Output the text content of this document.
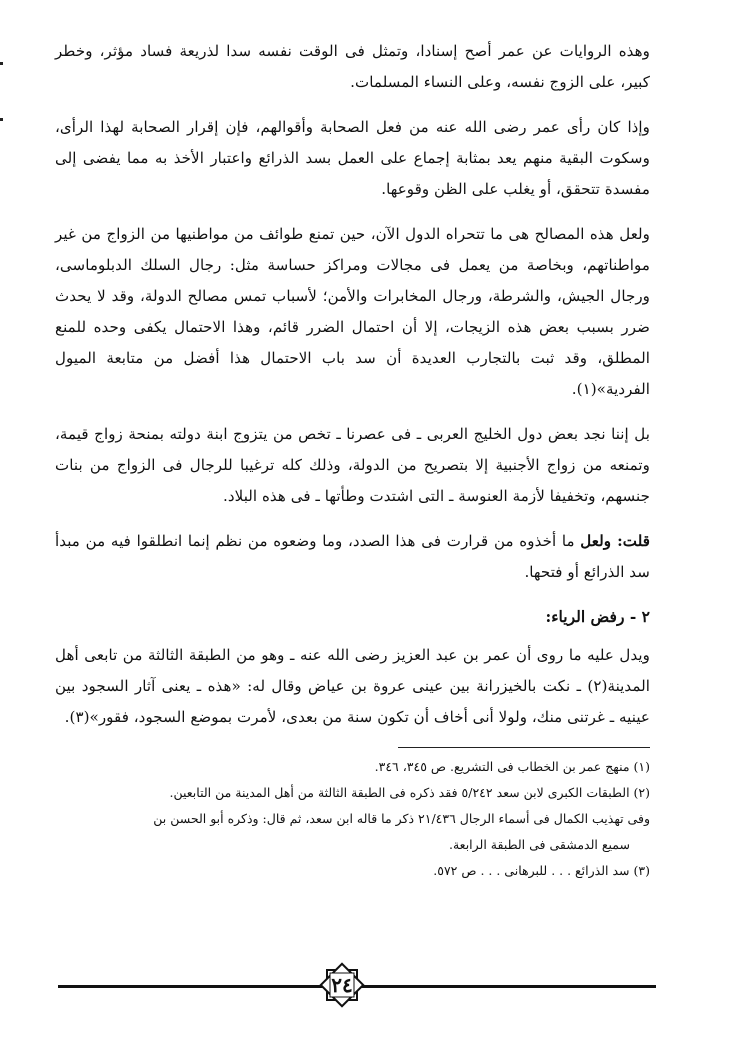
وهذه الروايات عن عمر أصح إسنادا، وتمثل فى الوقت نفسه سدا لذريعة فساد مؤثر، وخطر كبير، على الزوج نفسه، وعلى النساء المسلمات.

وإذا كان رأى عمر رضى الله عنه من فعل الصحابة وأقوالهم، فإن إقرار الصحابة لهذا الرأى، وسكوت البقية منهم يعد بمثابة إجماع على العمل بسد الذرائع واعتبار الأخذ به مما يفضى إلى مفسدة تتحقق، أو يغلب على الظن وقوعها.

ولعل هذه المصالح هى ما تتحراه الدول الآن، حين تمنع طوائف من مواطنيها من الزواج من غير مواطناتهم، وبخاصة من يعمل فى مجالات ومراكز حساسة مثل: رجال السلك الدبلوماسى، ورجال الجيش، والشرطة، ورجال المخابرات والأمن؛ لأسباب تمس مصالح الدولة، وقد لا يحدث ضرر بسبب بعض هذه الزيجات، إلا أن احتمال الضرر قائم، وهذا الاحتمال يكفى وحده للمنع المطلق، وقد ثبت بالتجارب العديدة أن سد باب الاحتمال هذا أفضل من متابعة الميول الفردية»(١).

بل إننا نجد بعض دول الخليج العربى ـ فى عصرنا ـ تخص من يتزوج ابنة دولته بمنحة زواج قيمة، وتمنعه من زواج الأجنبية إلا بتصريح من الدولة، وذلك كله ترغيبا للرجال فى الزواج من بنات جنسهم، وتخفيفا لأزمة العنوسة ـ التى اشتدت وطأتها ـ فى هذه البلاد.

قلت: ولعل ما أخذوه من قرارت فى هذا الصدد، وما وضعوه من نظم إنما انطلقوا فيه من مبدأ سد الذرائع أو فتحها.

٢ - رفض الرياء:

ويدل عليه ما روى أن عمر بن عبد العزيز رضى الله عنه ـ وهو من الطبقة الثالثة من تابعى أهل المدينة(٢) ـ نكت بالخيزرانة بين عينى عروة بن عياض وقال له: «هذه ـ يعنى آثار السجود بين عينيه ـ غرتنى منك، ولولا أنى أخاف أن تكون سنة من بعدى، لأمرت بموضع السجود، فقور»(٣).

(١) منهج عمر بن الخطاب فى التشريع. ص ٣٤٥، ٣٤٦.

(٢) الطبقات الكبرى لابن سعد ٥/٢٤٢ فقد ذكره فى الطبقة الثالثة من أهل المدينة من التابعين.

وفى تهذيب الكمال فى أسماء الرجال ٢١/٤٣٦ ذكر ما قاله ابن سعد، ثم قال: وذكره أبو الحسن بن

سميع الدمشقى فى الطبقة الرابعة.

(٣) سد الذرائع . . . للبرهانى . . . ص ٥٧٢.

٢٤
